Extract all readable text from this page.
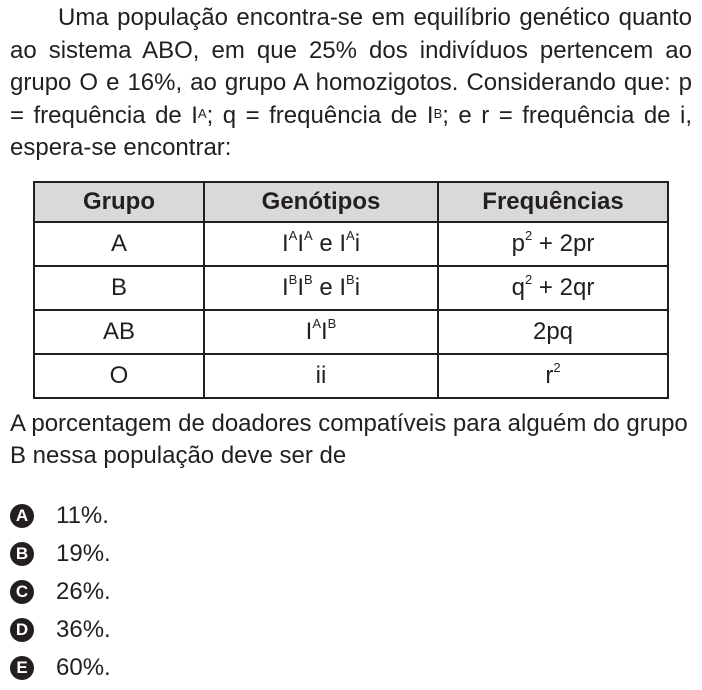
Uma população encontra-se em equilíbrio genético quanto ao sistema ABO, em que 25% dos indivíduos pertencem ao grupo O e 16%, ao grupo A homozigotos. Considerando que: p = frequência de $I^A$; q = frequência de $I^B$; e r = frequência de i, espera-se encontrar:

Grupo	Genótipos	Frequências
A	$I^AI^A$ e $I^Ai$	$p^2 + 2pr$
B	$I^BI^B$ e $I^Bi$	$q^2 + 2qr$
AB	$I^AI^B$	2pq
O	ii	$r^2$

A porcentagem de doadores compatíveis para alguém do grupo B nessa população deve ser de

A 11%.
B 19%.
C 26%.
D 36%.
E 60%.
